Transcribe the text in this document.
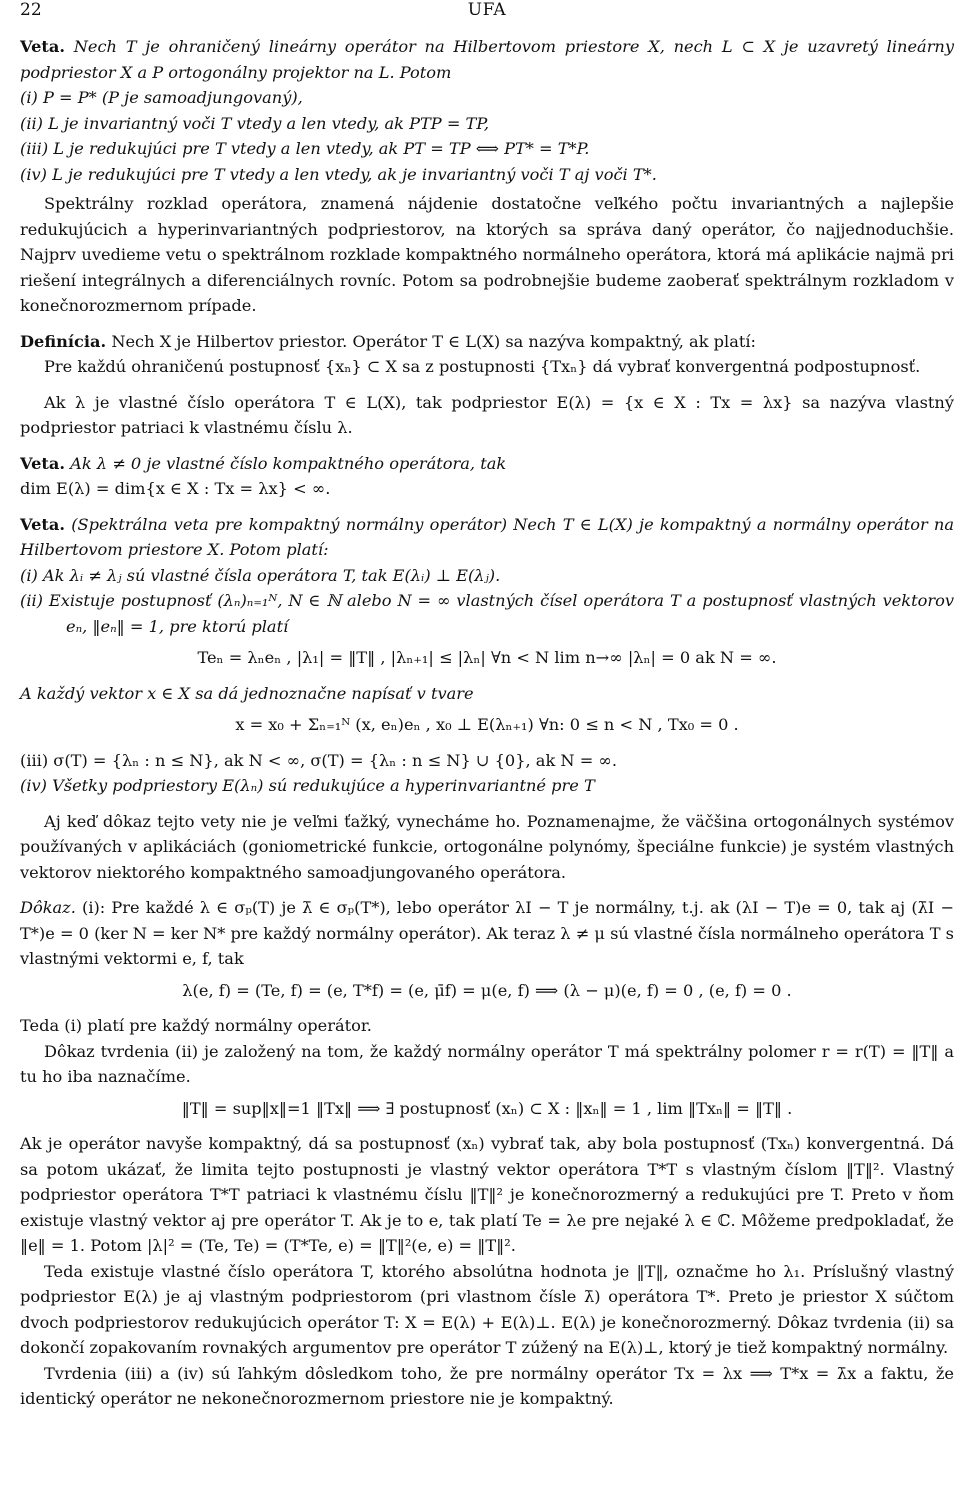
22	UFA

Veta. Nech T je ohraničený lineárny operátor na Hilbertovom priestore X, nech L ⊂ X je uzavretý lineárny podpriestor X a P ortogonálny projektor na L. Potom

(i) P = P* (P je samoadjungovaný),

(ii) L je invariantný voči T vtedy a len vtedy, ak PTP = TP,

(iii) L je redukujúci pre T vtedy a len vtedy, ak PT = TP ⟺ PT* = T*P.

(iv) L je redukujúci pre T vtedy a len vtedy, ak je invariantný voči T aj voči T*.

Spektrálny rozklad operátora, znamená nájdenie dostatočne veľkého počtu invariantných a najlepšie redukujúcich a hyperinvariantných podpriestorov, na ktorých sa správa daný operátor, čo najjednoduchšie. Najprv uvedieme vetu o spektrálnom rozklade kompaktného normálneho operátora, ktorá má aplikácie najmä pri riešení integrálnych a diferenciálnych rovníc. Potom sa podrobnejšie budeme zaoberať spektrálnym rozkladom v konečnorozmernom prípade.

Definícia. Nech X je Hilbertov priestor. Operátor T ∈ L(X) sa nazýva kompaktný, ak platí:

Pre každú ohraničenú postupnosť {xₙ} ⊂ X sa z postupnosti {Txₙ} dá vybrať konvergentná podpostupnosť.

Ak λ je vlastné číslo operátora T ∈ L(X), tak podpriestor E(λ) = {x ∈ X : Tx = λx} sa nazýva vlastný podpriestor patriaci k vlastnému číslu λ.

Veta. Ak λ ≠ 0 je vlastné číslo kompaktného operátora, tak

dim E(λ) = dim{x ∈ X : Tx = λx} < ∞.

Veta. (Spektrálna veta pre kompaktný normálny operátor) Nech T ∈ L(X) je kompaktný a normálny operátor na Hilbertovom priestore X. Potom platí:

(i) Ak λᵢ ≠ λⱼ sú vlastné čísla operátora T, tak E(λᵢ) ⊥ E(λⱼ).

(ii) Existuje postupnosť (λₙ)ₙ₌₁ᴺ, N ∈ ℕ alebo N = ∞ vlastných čísel operátora T a postupnosť vlastných vektorov eₙ, ‖eₙ‖ = 1, pre ktorú platí

Teₙ = λₙeₙ , |λ₁| = ‖T‖ , |λₙ₊₁| ≤ |λₙ| ∀n < N lim n→∞ |λₙ| = 0 ak N = ∞.

A každý vektor x ∈ X sa dá jednoznačne napísať v tvare

x = x₀ + Σₙ₌₁ᴺ (x, eₙ)eₙ , x₀ ⊥ E(λₙ₊₁) ∀n: 0 ≤ n < N , Tx₀ = 0 .

(iii) σ(T) = {λₙ : n ≤ N}, ak N < ∞, σ(T) = {λₙ : n ≤ N} ∪ {0}, ak N = ∞.

(iv) Všetky podpriestory E(λₙ) sú redukujúce a hyperinvariantné pre T

Aj keď dôkaz tejto vety nie je veľmi ťažký, vynecháme ho. Poznamenajme, že väčšina ortogonálnych systémov používaných v aplikáciách (goniometrické funkcie, ortogonálne polynómy, špeciálne funkcie) je systém vlastných vektorov niektorého kompaktného samoadjungovaného operátora.

Dôkaz. (i): Pre každé λ ∈ σₚ(T) je λ̄ ∈ σₚ(T*), lebo operátor λI − T je normálny, t.j. ak (λI − T)e = 0, tak aj (λ̄I − T*)e = 0 (ker N = ker N* pre každý normálny operátor). Ak teraz λ ≠ μ sú vlastné čísla normálneho operátora T s vlastnými vektormi e, f, tak

λ(e, f) = (Te, f) = (e, T*f) = (e, μ̄f) = μ(e, f) ⟹ (λ − μ)(e, f) = 0 , (e, f) = 0 .

Teda (i) platí pre každý normálny operátor.

Dôkaz tvrdenia (ii) je založený na tom, že každý normálny operátor T má spektrálny polomer r = r(T) = ‖T‖ a tu ho iba naznačíme.

‖T‖ = sup‖x‖=1 ‖Tx‖ ⟹ ∃ postupnosť (xₙ) ⊂ X : ‖xₙ‖ = 1 , lim ‖Txₙ‖ = ‖T‖ .

Ak je operátor navyše kompaktný, dá sa postupnosť (xₙ) vybrať tak, aby bola postupnosť (Txₙ) konvergentná. Dá sa potom ukázať, že limita tejto postupnosti je vlastný vektor operátora T*T s vlastným číslom ‖T‖². Vlastný podpriestor operátora T*T patriaci k vlastnému číslu ‖T‖² je konečnorozmerný a redukujúci pre T. Preto v ňom existuje vlastný vektor aj pre operátor T. Ak je to e, tak platí Te = λe pre nejaké λ ∈ ℂ. Môžeme predpokladať, že ‖e‖ = 1. Potom |λ|² = (Te, Te) = (T*Te, e) = ‖T‖²(e, e) = ‖T‖².

Teda existuje vlastné číslo operátora T, ktorého absolútna hodnota je ‖T‖, označme ho λ₁. Príslušný vlastný podpriestor E(λ) je aj vlastným podpriestorom (pri vlastnom čísle λ̄) operátora T*. Preto je priestor X súčtom dvoch podpriestorov redukujúcich operátor T: X = E(λ) + E(λ)⊥. E(λ) je konečnorozmerný. Dôkaz tvrdenia (ii) sa dokončí zopakovaním rovnakých argumentov pre operátor T zúžený na E(λ)⊥, ktorý je tiež kompaktný normálny.

Tvrdenia (iii) a (iv) sú ľahkým dôsledkom toho, že pre normálny operátor Tx = λx ⟹ T*x = λ̄x a faktu, že identický operátor ne nekonečnorozmernom priestore nie je kompaktný.
